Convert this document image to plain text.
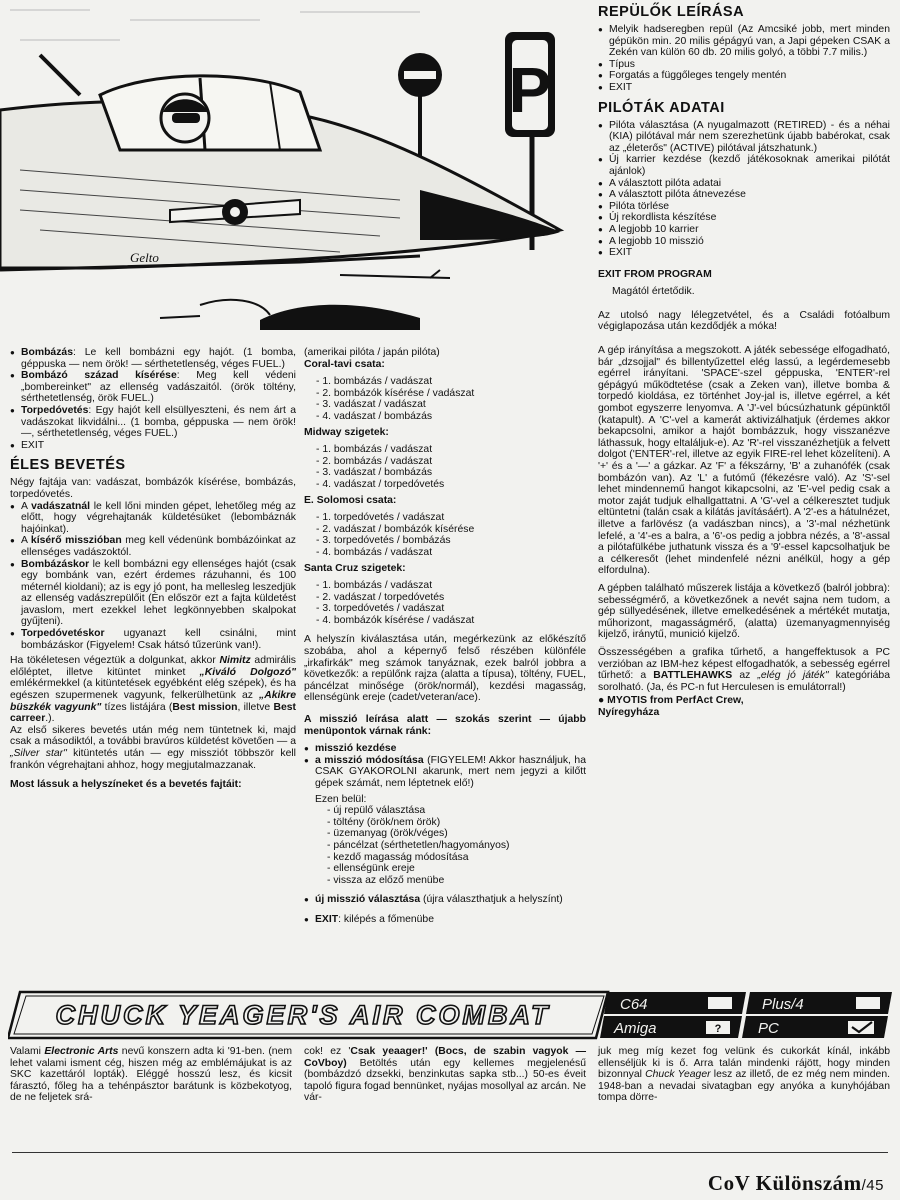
P
Gelto
● Bombázás: Le kell bombázni egy hajót. (1 bomba, géppuska — nem örök! — sérthetetlenség, véges FUEL.)
● Bombázó század kísérése: Meg kell védeni „bombereinket" az ellenség vadászaitól. (örök töltény, sérthetetlenség, örök FUEL.)
● Torpedóvetés: Egy hajót kell elsüllyeszteni, és nem árt a vadászokat likvidálni... (1 bomba, géppuska — nem örök! —, sérthetetlenség, véges FUEL.)
● EXIT
ÉLES BEVETÉS

Négy fajtája van: vadászat, bombázók kísérése, bombázás, torpedóvetés.

● A vadászatnál le kell lőni minden gépet, lehetőleg még az előtt, hogy végrehajtanák küldetésüket (lebombáznák hajóinkat).
● A kísérő misszióban meg kell védenünk bombázóinkat az ellenséges vadászoktól.
● Bombázáskor le kell bombázni egy ellenséges hajót (csak egy bombánk van, ezért érdemes rázuhanni, és 100 méternél kioldani); az is egy jó pont, ha mellesleg leszedjük az ellenség vadászrepülőit (Én először ezt a fajta küldetést javaslom, mert ezekkel lehet legkönnyebben skalpokat gyűjteni).
● Torpedóvetéskor ugyanazt kell csinálni, mint bombázáskor (Figyelem! Csak hátsó tűzerünk van!).

Ha tökéletesen végeztük a dolgunkat, akkor Nimitz admirális előléptet, illetve kitüntet minket „Kiváló Dolgozó" emlékérmekkel (a kitüntetések egyébként elég szépek), és ha egészen szupermenek vagyunk, felkerülhetünk az „Akikre büszkék vagyunk" tízes listájára (Best mission, illetve Best carreer.).

Az első sikeres bevetés után még nem tüntetnek ki, majd csak a másodiktól, a további bravúros küldetést követően — a „Silver star" kitüntetés után — egy missziót többször kell frankón végrehajtani ahhoz, hogy megjutalmazzanak.

Most lássuk a helyszíneket és a bevetés fajtáit:

(amerikai pilóta / japán pilóta)

Coral-tavi csata:

- 1. bombázás / vadászat
- 2. bombázók kísérése / vadászat
- 3. vadászat / vadászat
- 4. vadászat / bombázás

Midway szigetek:

- 1. bombázás / vadászat
- 2. bombázás / vadászat
- 3. vadászat / bombázás
- 4. vadászat / torpedóvetés

E. Solomosi csata:

- 1. torpedóvetés / vadászat
- 2. vadászat / bombázók kísérése
- 3. torpedóvetés / bombázás
- 4. bombázás / vadászat

Santa Cruz szigetek:

- 1. bombázás / vadászat
- 2. vadászat / torpedóvetés
- 3. torpedóvetés / vadászat
- 4. bombázók kísérése / vadászat

A helyszín kiválasztása után, megérkezünk az előkészítő szobába, ahol a képernyő felső részében különféle „irkafirkák" meg számok tanyáznak, ezek balról jobbra a következők: a repülőnk rajza (alatta a típusa), töltény, FUEL, páncélzat minősége (örök/normál), kezdési magasság, ellenségünk ereje (cadet/veteran/ace).

A misszió leírása alatt — szokás szerint — újabb menüpontok várnak ránk:

● misszió kezdése
● a misszió módosítása (FIGYELEM! Akkor használjuk, ha CSAK GYAKOROLNI akarunk, mert nem jegyzi a kilőtt gépek számát, nem léptetnek elő!)

Ezen belül:

- új repülő választása
- töltény (örök/nem örök)
- üzemanyag (örök/véges)
- páncélzat (sérthetetlen/hagyományos)
- kezdő magasság módosítása
- ellenségünk ereje
- vissza az előző menübe
● új misszió választása (újra választhatjuk a helyszínt)
● EXIT: kilépés a főmenübe
REPÜLŐK LEÍRÁSA
● Melyik hadseregben repül (Az Amcsiké jobb, mert minden gépükön min. 20 milis gépágyú van, a Japi gépeken CSAK a Zekén van külön 60 db. 20 milis golyó, a többi 7.7 milis.)
● Típus
● Forgatás a függőleges tengely mentén
● EXIT
PILÓTÁK ADATAI
● Pilóta választása (A nyugalmazott (RETIRED) - és a néhai (KIA) pilótával már nem szerezhetünk újabb babérokat, csak az „életerős" (ACTIVE) pilótával játszhatunk.)
● Új karrier kezdése (kezdő játékosoknak amerikai pilótát ajánlok)
● A választott pilóta adatai
● A választott pilóta átnevezése
● Pilóta törlése
● Új rekordlista készítése
● A legjobb 10 karrier
● A legjobb 10 misszió
● EXIT

EXIT FROM PROGRAM

Magától értetődik.

Az utolsó nagy lélegzetvétel, és a Családi fotóalbum végiglapozása után kezdődjék a móka!

A gép irányítása a megszokott. A játék sebessége elfogadható, bár „dzsojjal" és billentyűzettel elég lassú, a legérdemesebb egérrel irányítani. 'SPACE'-szel géppuska, 'ENTER'-rel gépágyú működtetése (csak a Zeken van), illetve bomba & torpedó kioldása, ez történhet Joy-jal is, illetve egérrel, a két gombot egyszerre lenyomva. A 'J'-vel búcsúzhatunk gépünktől (katapult). A 'C'-vel a kamerát aktivizálhatjuk (érdemes akkor bekapcsolni, amikor a hajót bombázzuk, hogy visszanézve láthassuk, hogy eltaláljuk-e). Az 'R'-rel visszanézhetjük a felvett dolgot ('ENTER'-rel, illetve az egyik FIRE-rel lehet közelíteni). A '+' és a '—' a gázkar. Az 'F' a fékszárny, 'B' a zuhanófék (csak bombázón van). Az 'L' a futómű (fékezésre való). Az 'S'-sel lehet mindennemű hangot kikapcsolni, az 'E'-vel pedig csak a motor zaját tudjuk elhallgattatni. A 'G'-vel a célkeresztet tudjuk eltüntetni (talán csak a kilátás javításáért). A '2'-es a hátulnézet, illetve a farlövész (a vadászban nincs), a '3'-mal nézhetünk lefelé, a '4'-es a balra, a '6'-os pedig a jobbra nézés, a '8'-assal a pilótafülkébe juthatunk vissza és a '9'-essel kapcsolhatjuk be a célkeresőt (lehet mindenfelé nézni anélkül, hogy a gép elfordulna).

A gépben található műszerek listája a következő (balról jobbra): sebességmérő, a következőnek a nevét sajna nem tudom, a gép süllyedésének, illetve emelkedésének a mértékét mutatja, műhorizont, magasságmérő, (alatta) üzemanyagmennyiség kijelző, iránytű, munició kijelző.

Összességében a grafika tűrhető, a hangeffektusok a PC verzióban az IBM-hez képest elfogadhatók, a sebesség egérrel tűrhető: a BATTLEHAWKS az „elég jó játék" kategóriába sorolható. (Ja, és PC-n fut Herculesen is emulátorral!)

● MYOTIS from PerfAct Crew,
Nyíregyháza

CHUCK YEAGER'S AIR COMBAT	C64	Plus/4
Amiga	? PC

Valami Electronic Arts nevű konszern adta ki '91-ben. (nem lehet valami isment cég, hiszen még az emblémájukat is az SKC kazettáról lopták). Eléggé hosszú lesz, és kicsit fárasztó, főleg ha a tehénpásztor barátunk is közbekotyog, de ne feljetek srá-

cok! ez 'Csak yeaager!' (Bocs, de szabin vagyok — CoVboy) Betöltés után egy kellemes megjelenésű (bombázdzó dzsekki, benzinkutas sapka stb...) 50-es éveit tapoló figura fogad bennünket, nyájas mosollyal az arcán. Ne vár-

juk meg míg kezet fog velünk és cukorkát kínál, inkább ellenséljük ki is ő. Arra talán mindenki rájött, hogy minden bizonnyal Chuck Yeager lesz az illető, de ez még nem minden. 1948-ban a nevadai sivatagban egy anyóka a kunyhójában tompa dörre-

CoV Különszám/45
